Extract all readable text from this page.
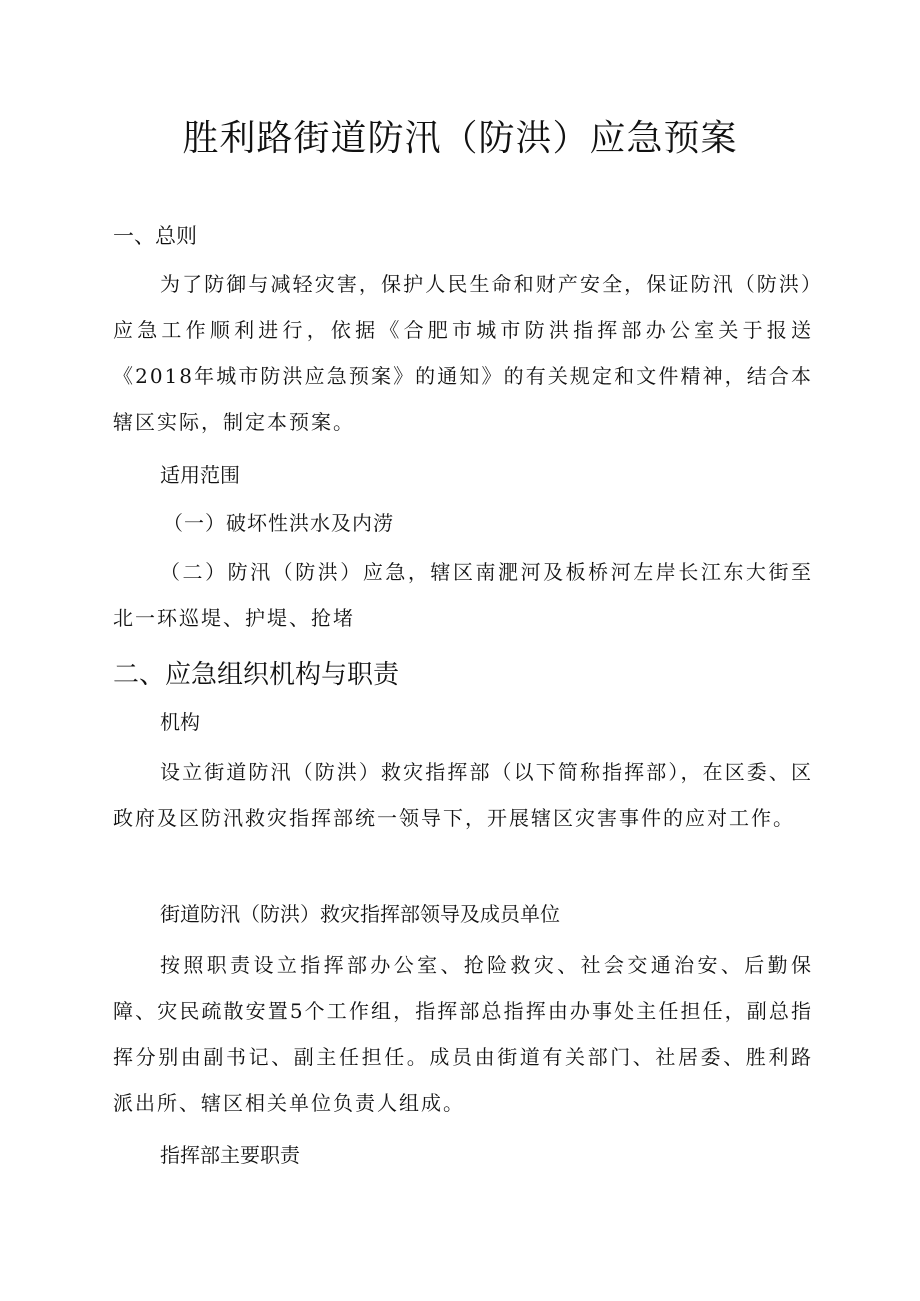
胜利路街道防汛（防洪）应急预案

一、总则

为了防御与减轻灾害，保护人民生命和财产安全，保证防汛（防洪）应急工作顺利进行，依据《合肥市城市防洪指挥部办公室关于报送《2018年城市防洪应急预案》的通知》的有关规定和文件精神，结合本辖区实际，制定本预案。

适用范围

（一）破坏性洪水及内涝

（二）防汛（防洪）应急，辖区南淝河及板桥河左岸长江东大街至北一环巡堤、护堤、抢堵

二、应急组织机构与职责

机构

设立街道防汛（防洪）救灾指挥部（以下简称指挥部），在区委、区政府及区防汛救灾指挥部统一领导下，开展辖区灾害事件的应对工作。

街道防汛（防洪）救灾指挥部领导及成员单位

按照职责设立指挥部办公室、抢险救灾、社会交通治安、后勤保障、灾民疏散安置5个工作组，指挥部总指挥由办事处主任担任，副总指挥分别由副书记、副主任担任。成员由街道有关部门、社居委、胜利路派出所、辖区相关单位负责人组成。

指挥部主要职责
